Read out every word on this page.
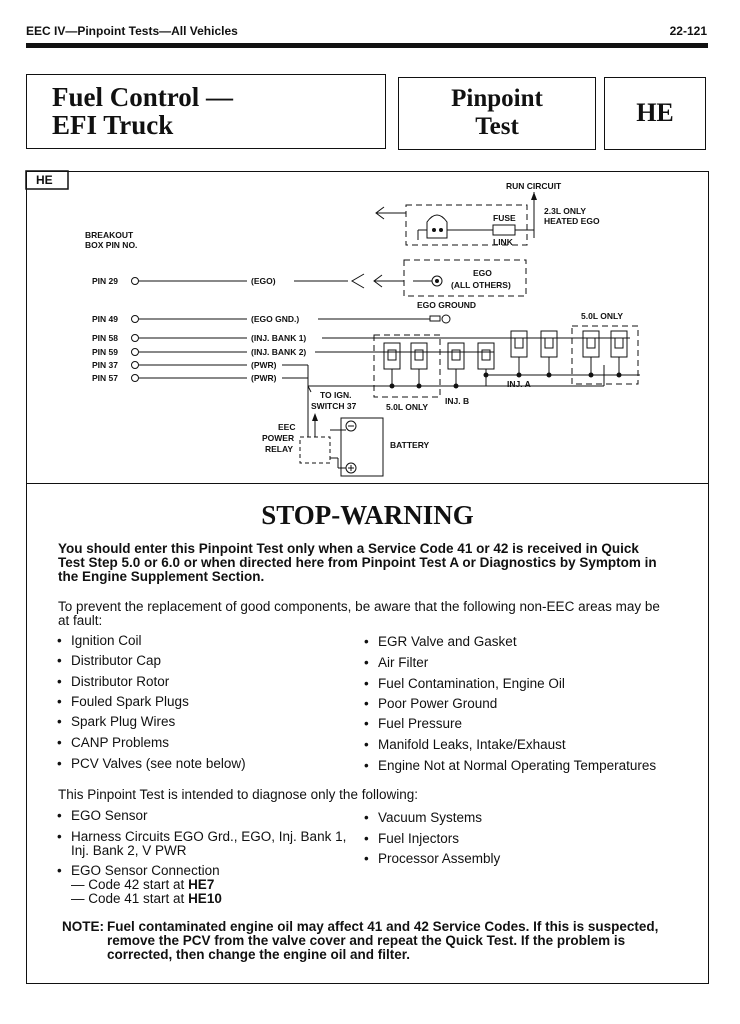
EEC IV—Pinpoint Tests—All Vehicles	22-121
Fuel Control —
EFI Truck
Pinpoint
Test	HE
HE	RUN CIRCUIT
2.3L ONLY
HEATED EGO
FUSE
LINK
BREAKOUT
BOX PIN NO.
EGO
(ALL OTHERS)
EGO GROUND
PIN 29	(EGO)
PIN 49	(EGO GND.)
PIN 58	(INJ. BANK 1)
PIN 59	(INJ. BANK 2)
PIN 37	(PWR)
PIN 57	(PWR)
5.0L ONLY
5.0L ONLY
INJ. A
INJ. B
TO IGN.
SWITCH 37
EEC
POWER
RELAY	BATTERY
STOP-WARNING
You should enter this Pinpoint Test only when a Service Code 41 or 42 is received in Quick Test Step 5.0 or 6.0 or when directed here from Pinpoint Test A or Diagnostics by Symptom in the Engine Supplement Section.
To prevent the replacement of good components, be aware that the following non-EEC areas may be at fault:
• Ignition Coil
• Distributor Cap
• Distributor Rotor
• Fouled Spark Plugs
• Spark Plug Wires
• CANP Problems
• PCV Valves (see note below)
• EGR Valve and Gasket
• Air Filter
• Fuel Contamination, Engine Oil
• Poor Power Ground
• Fuel Pressure
• Manifold Leaks, Intake/Exhaust
• Engine Not at Normal Operating Temperatures
This Pinpoint Test is intended to diagnose only the following:
• EGO Sensor
• Harness Circuits EGO Grd., EGO, Inj. Bank 1,
Inj. Bank 2, V PWR
• EGO Sensor Connection
— Code 42 start at HE7
— Code 41 start at HE10
• Vacuum Systems
• Fuel Injectors
• Processor Assembly
NOTE: Fuel contaminated engine oil may affect 41 and 42 Service Codes. If this is suspected,
remove the PCV from the valve cover and repeat the Quick Test. If the problem is
corrected, then change the engine oil and filter.
